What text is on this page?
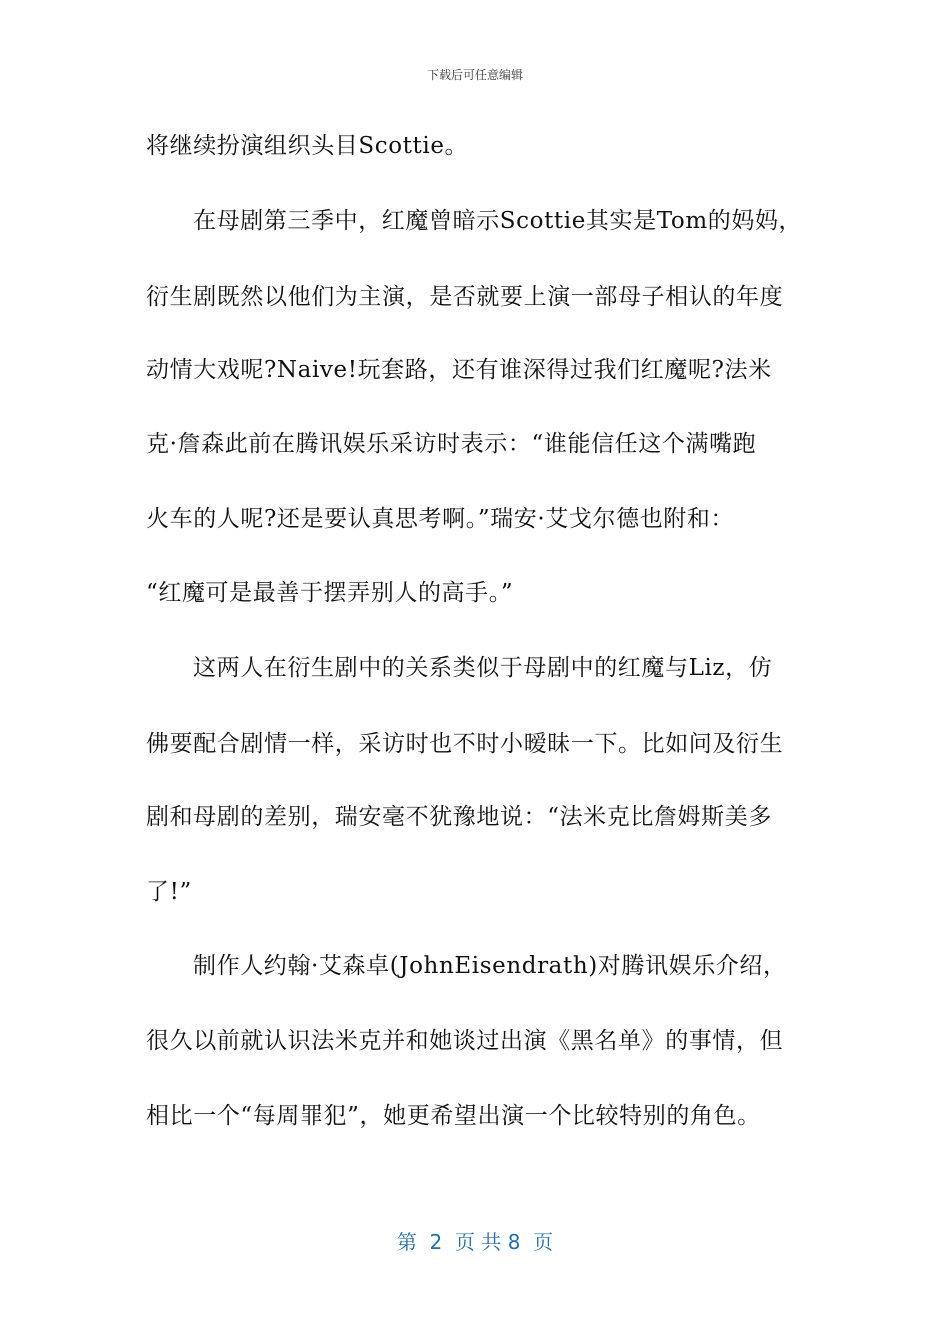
下载后可任意编辑
将继续扮演组织头目Scottie。
在母剧第三季中，红魔曾暗示Scottie其实是Tom的妈妈，
衍生剧既然以他们为主演，是否就要上演一部母子相认的年度
动情大戏呢?Naive!玩套路，还有谁深得过我们红魔呢?法米
克·詹森此前在腾讯娱乐采访时表示：“谁能信任这个满嘴跑
火车的人呢?还是要认真思考啊。”瑞安·艾戈尔德也附和：
“红魔可是最善于摆弄别人的高手。”
这两人在衍生剧中的关系类似于母剧中的红魔与Liz，仿
佛要配合剧情一样，采访时也不时小暧昧一下。比如问及衍生
剧和母剧的差别，瑞安毫不犹豫地说：“法米克比詹姆斯美多
了!”
制作人约翰·艾森卓(JohnEisendrath)对腾讯娱乐介绍，
很久以前就认识法米克并和她谈过出演《黑名单》的事情，但
相比一个“每周罪犯”，她更希望出演一个比较特别的角色。
第  2  页 共 8  页
